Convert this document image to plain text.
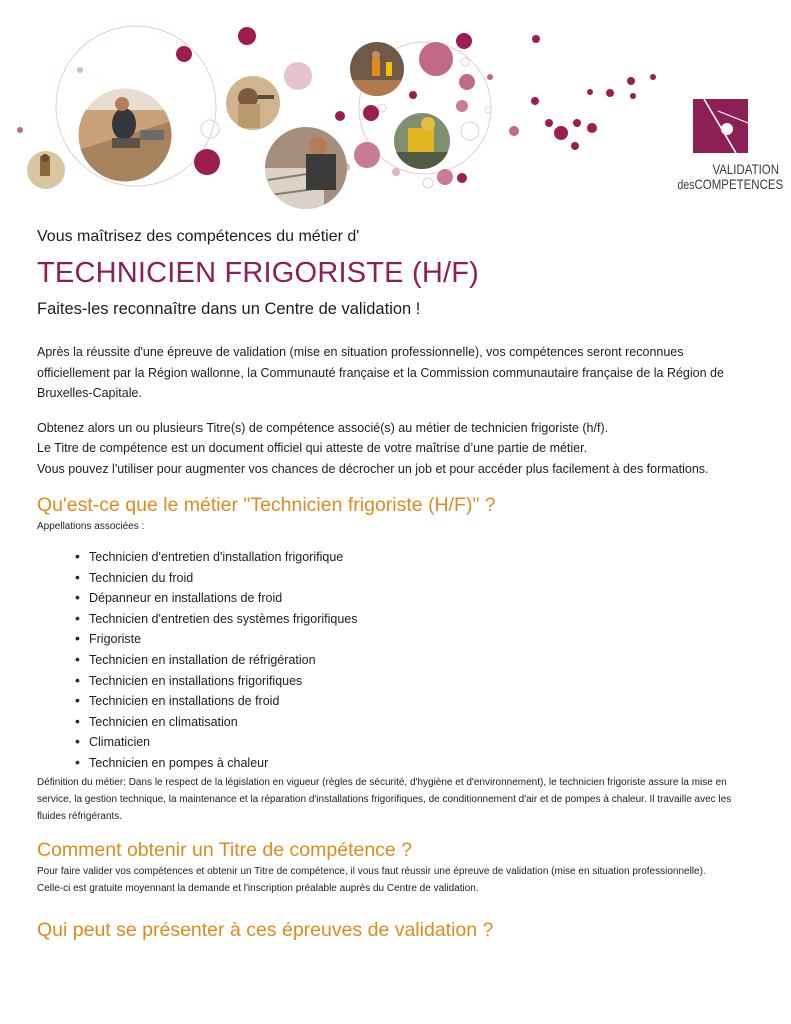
VALIDATION
desCOMPETENCES

Vous maîtrisez des compétences du métier d'

TECHNICIEN FRIGORISTE (H/F)

Faites-les reconnaître dans un Centre de validation !

Après la réussite d'une épreuve de validation (mise en situation professionnelle), vos compétences seront reconnues officiellement par la Région wallonne, la Communauté française et la Commission communautaire française de la Région de Bruxelles-Capitale.

Obtenez alors un ou plusieurs Titre(s) de compétence associé(s) au métier de technicien frigoriste (h/f).

Le Titre de compétence est un document officiel qui atteste de votre maîtrise d’une partie de métier.

Vous pouvez l'utiliser pour augmenter vos chances de décrocher un job et pour accéder plus facilement à des formations.

Qu'est-ce que le métier "Technicien frigoriste (H/F)" ?

Appellations associées :

• Technicien d'entretien d'installation frigorifique
• Technicien du froid
• Dépanneur en installations de froid
• Technicien d'entretien des systèmes frigorifiques
• Frigoriste
• Technicien en installation de réfrigération
• Technicien en installations frigorifiques
• Technicien en installations de froid
• Technicien en climatisation
• Climaticien
• Technicien en pompes à chaleur

Définition du métier: Dans le respect de la législation en vigueur (règles de sécurité, d'hygiène et d'environnement), le technicien frigoriste assure la mise en service, la gestion technique, la maintenance et la réparation d'installations frigorifiques, de conditionnement d'air et de pompes à chaleur. Il travaille avec les fluides réfrigérants.

Comment obtenir un Titre de compétence ?

Pour faire valider vos compétences et obtenir un Titre de compétence, il vous faut réussir une épreuve de validation (mise en situation professionnelle).

Celle-ci est gratuite moyennant la demande et l'inscription préalable auprès du Centre de validation.

Qui peut se présenter à ces épreuves de validation ?
